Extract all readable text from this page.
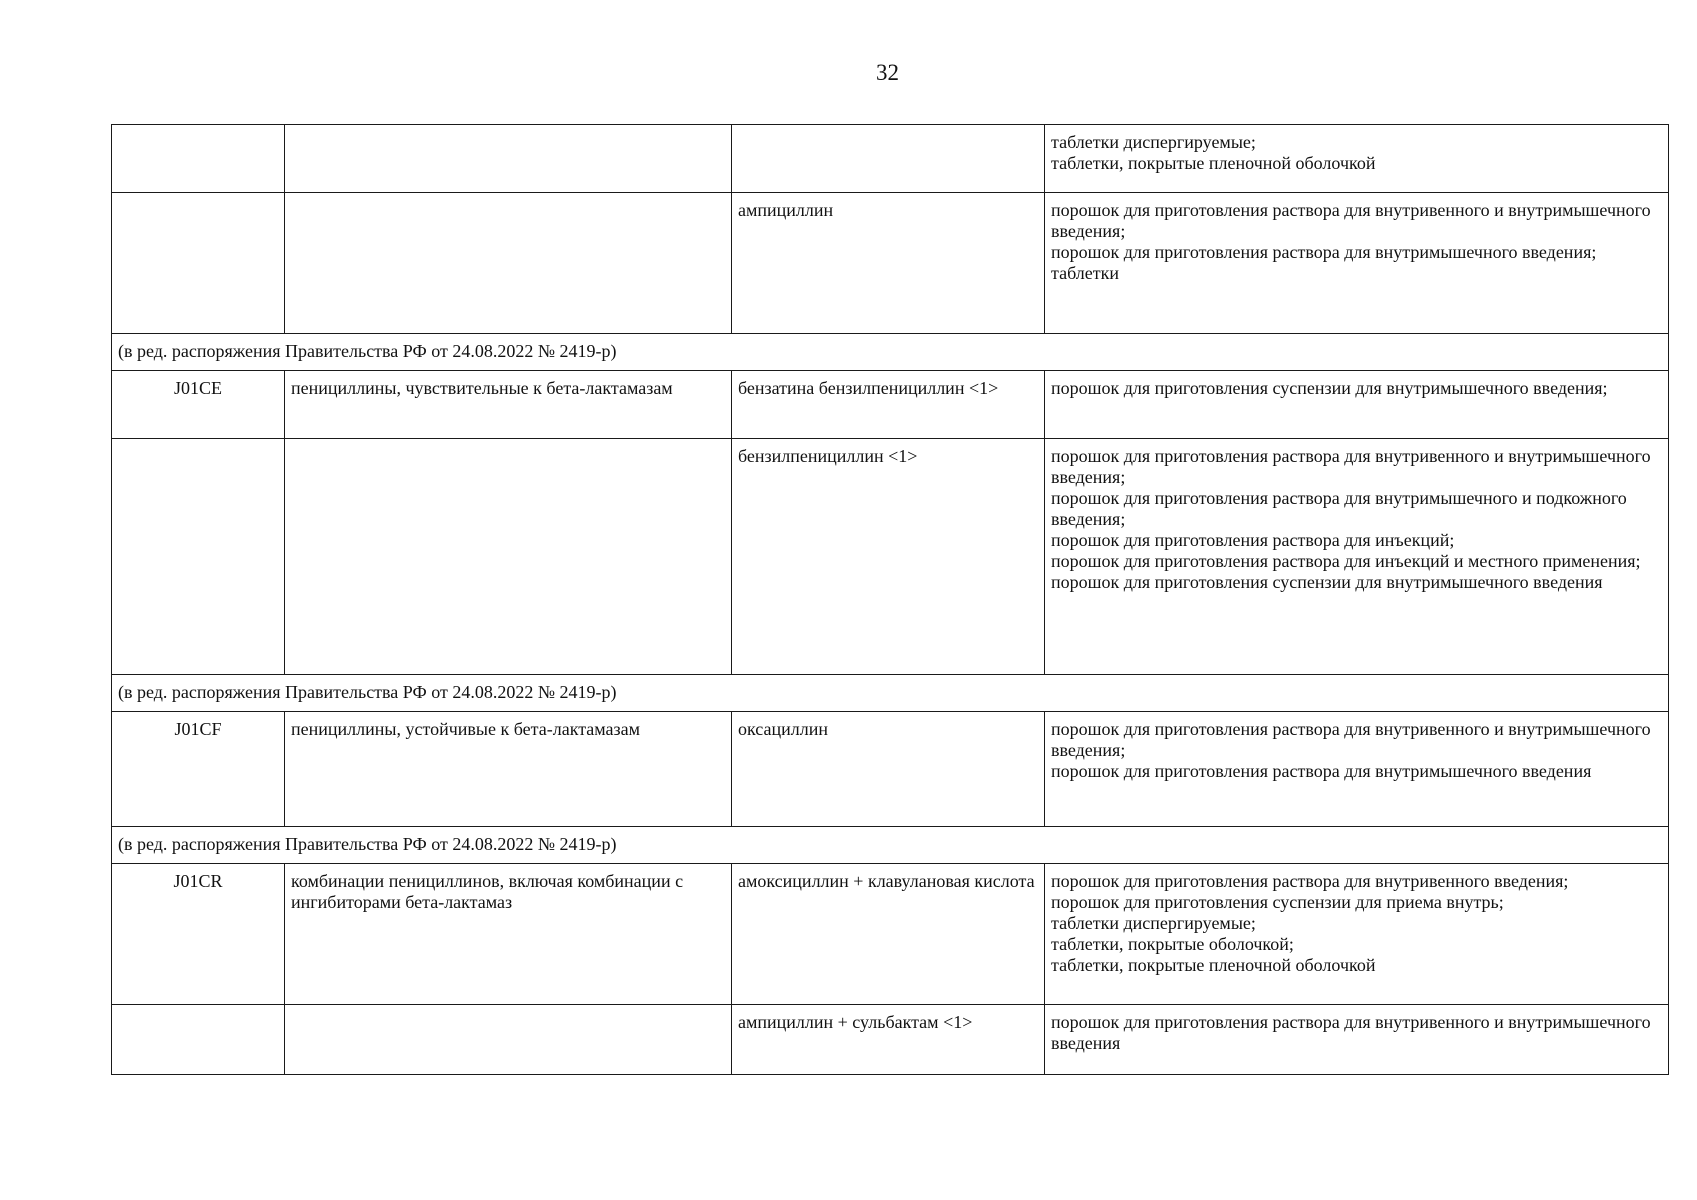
32

			таблетки диспергируемые;
таблетки, покрытые пленочной оболочкой

		ампициллин	порошок для приготовления раствора для внутривенного и внутримышечного введения;
порошок для приготовления раствора для внутримышечного введения;
таблетки

(в ред. распоряжения Правительства РФ от 24.08.2022 № 2419-р)			
J01CE	пенициллины, чувствительные к бета-лактамазам	бензатина бензилпенициллин <1>	порошок для приготовления суспензии для внутримышечного введения;

		бензилпенициллин <1>	порошок для приготовления раствора для внутривенного и внутримышечного введения;
порошок для приготовления раствора для внутримышечного и подкожного введения;
порошок для приготовления раствора для инъекций;
порошок для приготовления раствора для инъекций и местного применения;
порошок для приготовления суспензии для внутримышечного введения

(в ред. распоряжения Правительства РФ от 24.08.2022 № 2419-р)			
J01CF	пенициллины, устойчивые к бета-лактамазам	оксациллин	порошок для приготовления раствора для внутривенного и внутримышечного введения;
порошок для приготовления раствора для внутримышечного введения

(в ред. распоряжения Правительства РФ от 24.08.2022 № 2419-р)			
J01CR	комбинации пенициллинов, включая комбинации с ингибиторами бета-лактамаз	амоксициллин + клавулановая кислота	порошок для приготовления раствора для внутривенного введения;
порошок для приготовления суспензии для приема внутрь;
таблетки диспергируемые;
таблетки, покрытые оболочкой;
таблетки, покрытые пленочной оболочкой

		ампициллин + сульбактам <1>	порошок для приготовления раствора для внутривенного и внутримышечного введения
